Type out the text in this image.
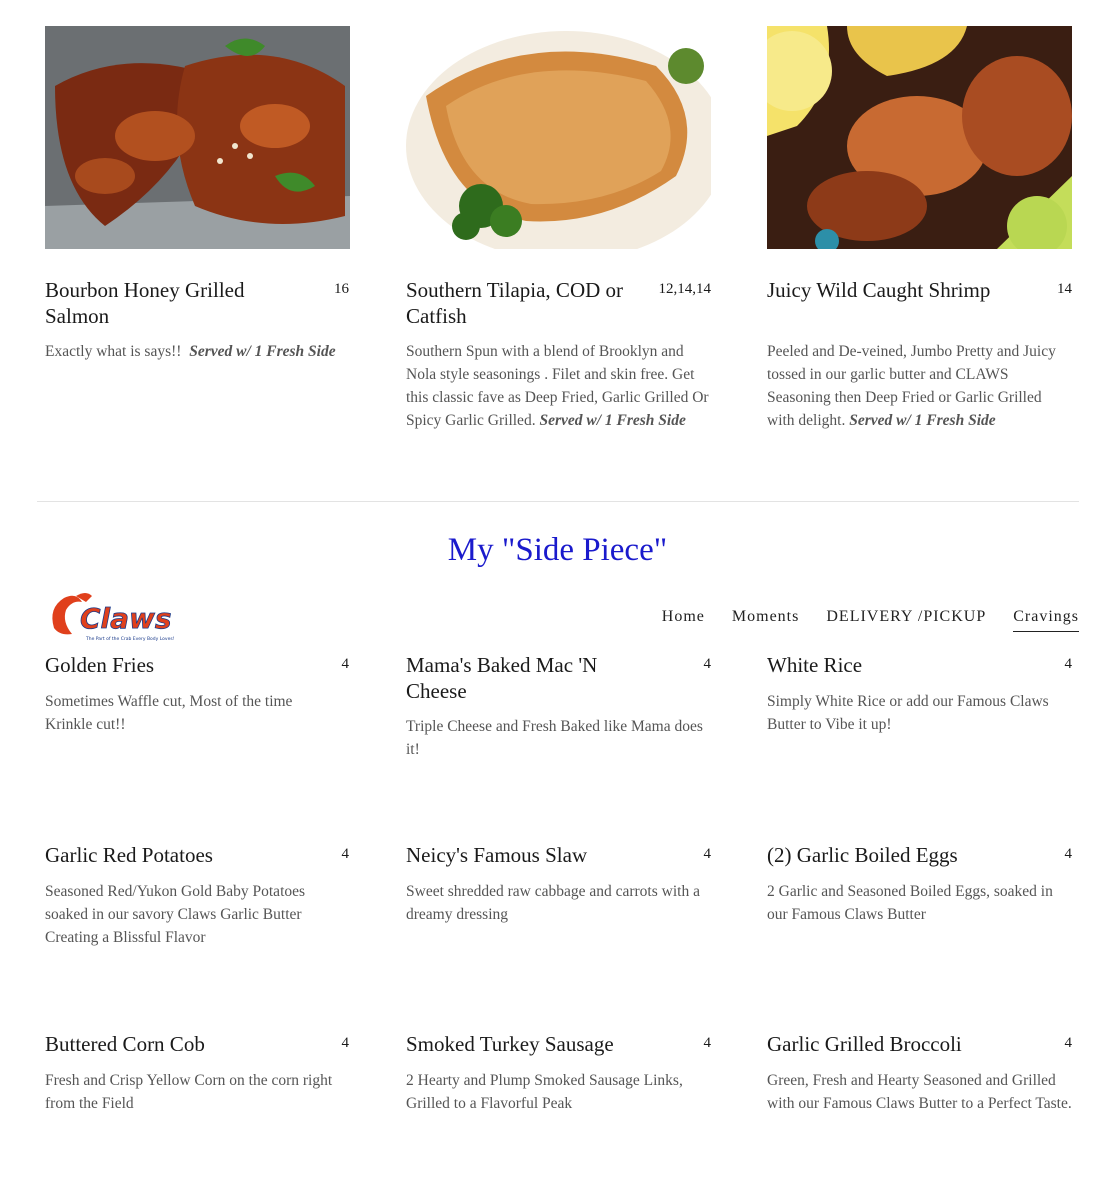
Bourbon Honey Grilled Salmon
16
Exactly what is says!! Served w/ 1 Fresh Side
Southern Tilapia, COD or Catfish
12,14,14
Southern Spun with a blend of Brooklyn and Nola style seasonings . Filet and skin free. Get this classic fave as Deep Fried, Garlic Grilled Or Spicy Garlic Grilled. Served w/ 1 Fresh Side
Juicy Wild Caught Shrimp	14
Peeled and De-veined, Jumbo Pretty and Juicy tossed in our garlic butter and CLAWS Seasoning then Deep Fried or Garlic Grilled with delight. Served w/ 1 Fresh Side
My "Side Piece"
Claws
The Part of the Crab Every Body Loves!
Home Moments DELIVERY /PICKUP Cravings
Golden Fries	4
Sometimes Waffle cut, Most of the time Krinkle cut!!
Mama's Baked Mac 'N Cheese
4
Triple Cheese and Fresh Baked like Mama does it!
White Rice	4
Simply White Rice or add our Famous Claws Butter to Vibe it up!
Garlic Red Potatoes	4
Seasoned Red/Yukon Gold Baby Potatoes soaked in our savory Claws Garlic Butter Creating a Blissful Flavor
Neicy's Famous Slaw	4
Sweet shredded raw cabbage and carrots with a dreamy dressing
(2) Garlic Boiled Eggs	4
2 Garlic and Seasoned Boiled Eggs, soaked in our Famous Claws Butter
Buttered Corn Cob	4
Fresh and Crisp Yellow Corn on the corn right from the Field
Smoked Turkey Sausage	4
2 Hearty and Plump Smoked Sausage Links, Grilled to a Flavorful Peak
Garlic Grilled Broccoli	4
Green, Fresh and Hearty Seasoned and Grilled with our Famous Claws Butter to a Perfect Taste.
